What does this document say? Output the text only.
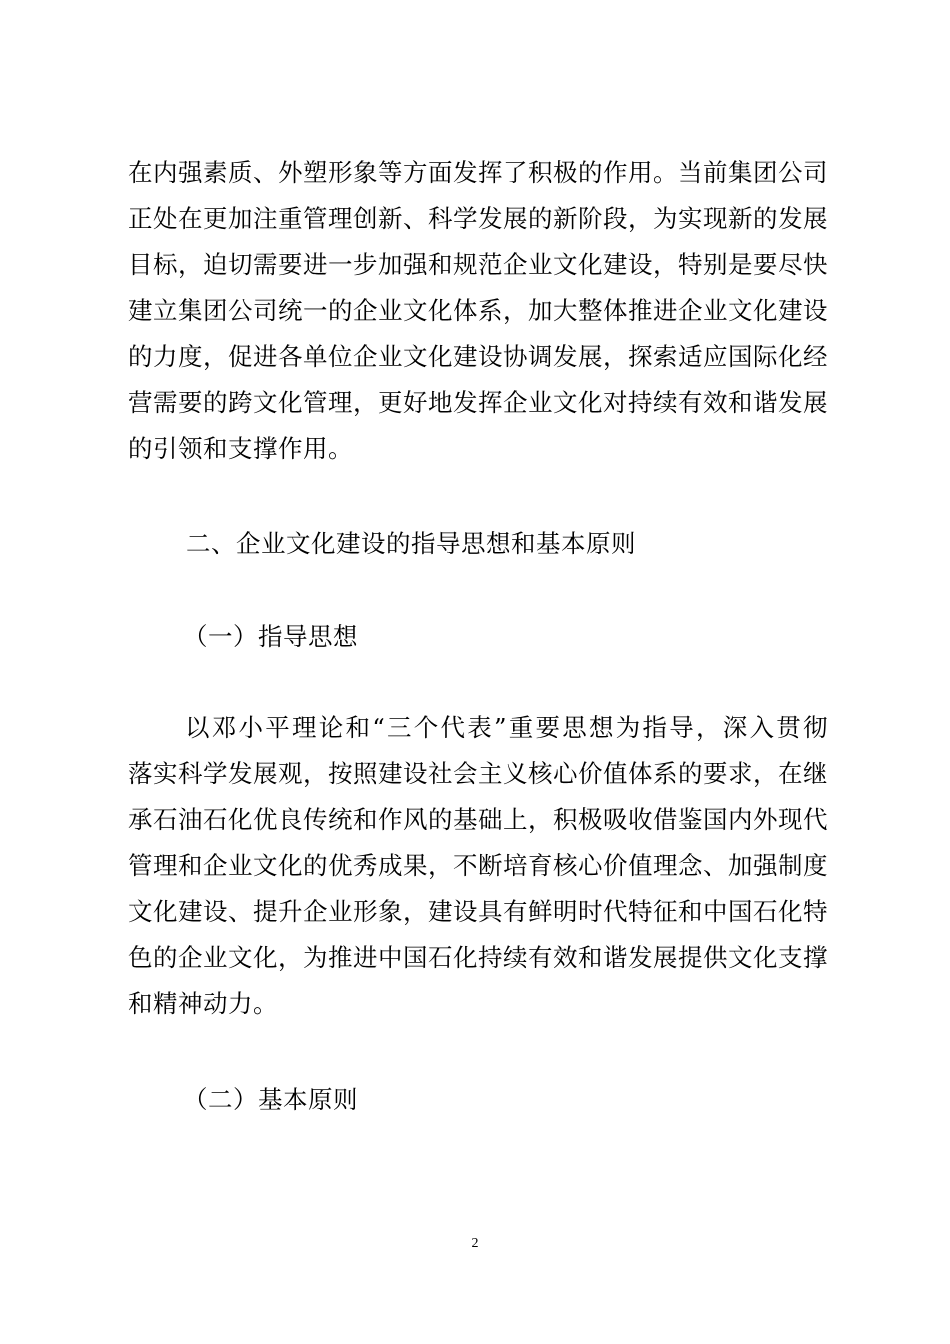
在内强素质、外塑形象等方面发挥了积极的作用。当前集团公司
正处在更加注重管理创新、科学发展的新阶段，为实现新的发展
目标，迫切需要进一步加强和规范企业文化建设，特别是要尽快
建立集团公司统一的企业文化体系，加大整体推进企业文化建设
的力度，促进各单位企业文化建设协调发展，探索适应国际化经
营需要的跨文化管理，更好地发挥企业文化对持续有效和谐发展
的引领和支撑作用。
二、企业文化建设的指导思想和基本原则
（一）指导思想
以邓小平理论和“三个代表”重要思想为指导，深入贯彻
落实科学发展观，按照建设社会主义核心价值体系的要求，在继
承石油石化优良传统和作风的基础上，积极吸收借鉴国内外现代
管理和企业文化的优秀成果，不断培育核心价值理念、加强制度
文化建设、提升企业形象，建设具有鲜明时代特征和中国石化特
色的企业文化，为推进中国石化持续有效和谐发展提供文化支撑
和精神动力。
（二）基本原则
2
